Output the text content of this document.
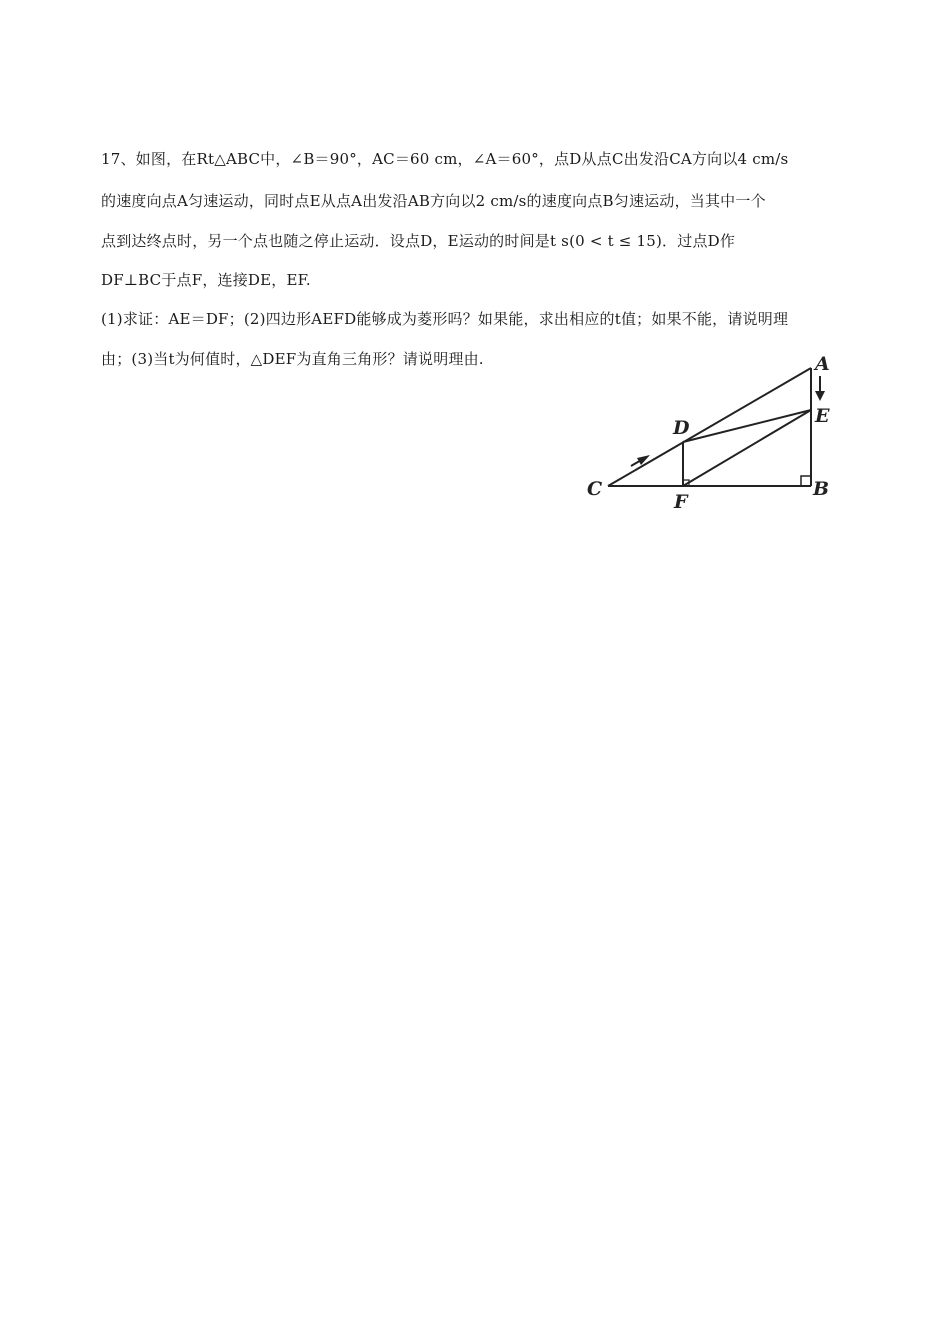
17、如图，在Rt△ABC中，∠B＝90°，AC＝60 cm，∠A＝60°，点D从点C出发沿CA方向以4 cm/s
的速度向点A匀速运动，同时点E从点A出发沿AB方向以2 cm/s的速度向点B匀速运动，当其中一个
点到达终点时，另一个点也随之停止运动．设点D，E运动的时间是t s(0 < t ≤ 15)．过点D作
DF⊥BC于点F，连接DE，EF.
(1)求证：AE＝DF；(2)四边形AEFD能够成为菱形吗？如果能，求出相应的t值；如果不能，请说明理
由；(3)当t为何值时，△DEF为直角三角形？请说明理由.	A
E
D
C
F
B
